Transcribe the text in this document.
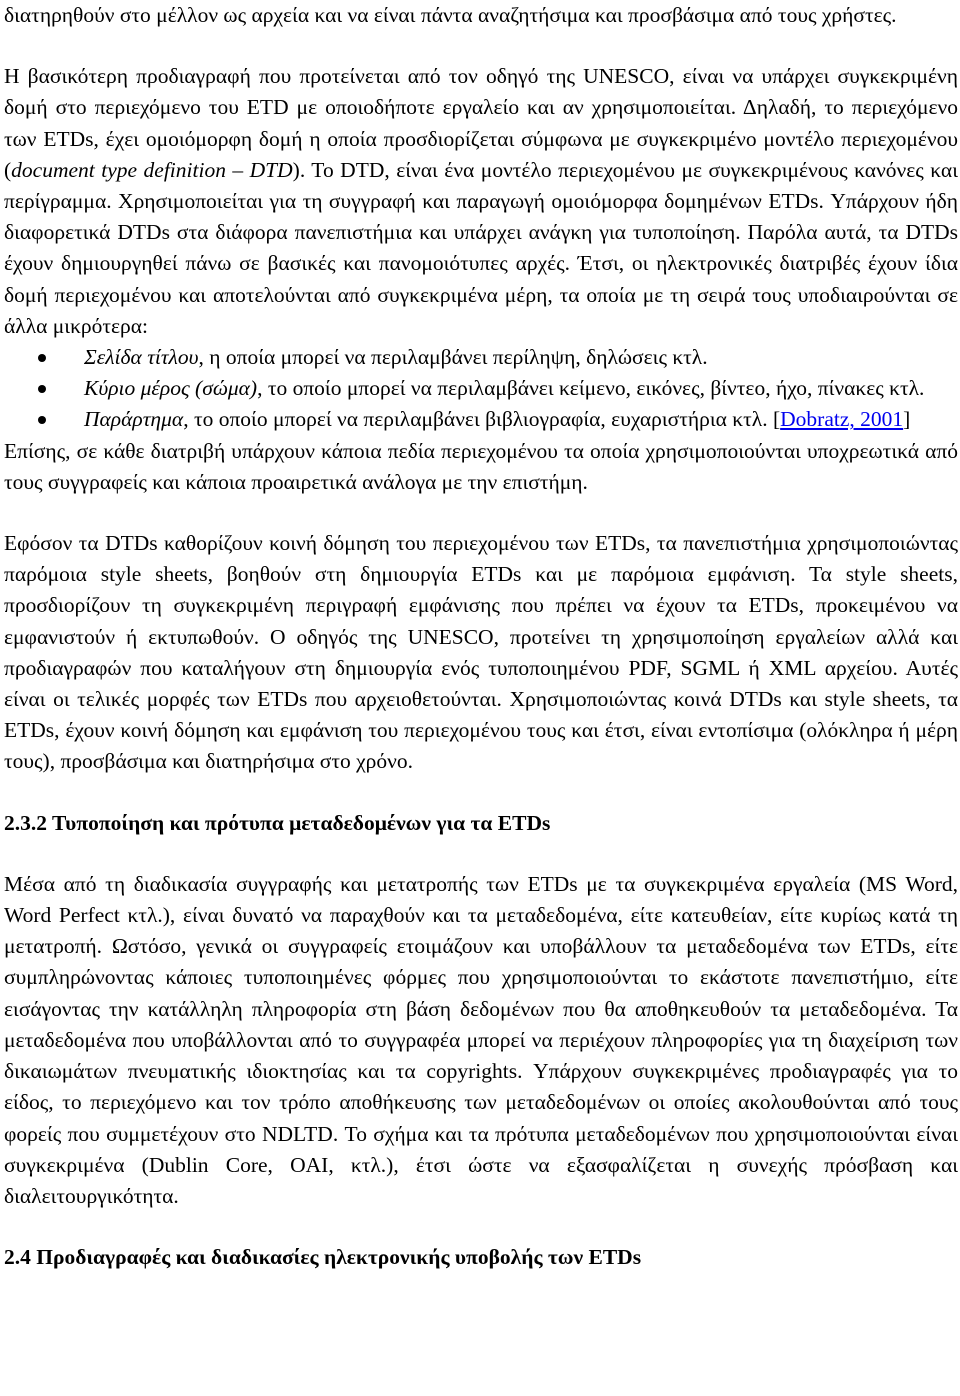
διατηρηθούν στο μέλλον ως αρχεία και να είναι πάντα αναζητήσιμα και προσβάσιμα από τους χρήστες.

Η βασικότερη προδιαγραφή που προτείνεται από τον οδηγό της UNESCO, είναι να υπάρχει συγκεκριμένη δομή στο περιεχόμενο του ETD με οποιοδήποτε εργαλείο και αν χρησιμοποιείται. Δηλαδή, το περιεχόμενο των ETDs, έχει ομοιόμορφη δομή η οποία προσδιορίζεται σύμφωνα με συγκεκριμένο μοντέλο περιεχομένου (document type definition – DTD). Το DTD, είναι ένα μοντέλο περιεχομένου με συγκεκριμένους κανόνες και περίγραμμα. Χρησιμοποιείται για τη συγγραφή και παραγωγή ομοιόμορφα δομημένων ETDs. Υπάρχουν ήδη διαφορετικά DTDs στα διάφορα πανεπιστήμια και υπάρχει ανάγκη για τυποποίηση. Παρόλα αυτά, τα DTDs έχουν δημιουργηθεί πάνω σε βασικές και πανομοιότυπες αρχές. Έτσι, οι ηλεκτρονικές διατριβές έχουν ίδια δομή περιεχομένου και αποτελούνται από συγκεκριμένα μέρη, τα οποία με τη σειρά τους υποδιαιρούνται σε άλλα μικρότερα:

Σελίδα τίτλου, η οποία μπορεί να περιλαμβάνει περίληψη, δηλώσεις κτλ.
Κύριο μέρος (σώμα), το οποίο μπορεί να περιλαμβάνει κείμενο, εικόνες, βίντεο, ήχο, πίνακες κτλ.
Παράρτημα, το οποίο μπορεί να περιλαμβάνει βιβλιογραφία, ευχαριστήρια κτλ. [Dobratz, 2001]

Επίσης, σε κάθε διατριβή υπάρχουν κάποια πεδία περιεχομένου τα οποία χρησιμοποιούνται υποχρεωτικά από τους συγγραφείς και κάποια προαιρετικά ανάλογα με την επιστήμη.

Εφόσον τα DTDs καθορίζουν κοινή δόμηση του περιεχομένου των ETDs, τα πανεπιστήμια χρησιμοποιώντας παρόμοια style sheets, βοηθούν στη δημιουργία ETDs και με παρόμοια εμφάνιση. Τα style sheets, προσδιορίζουν τη συγκεκριμένη περιγραφή εμφάνισης που πρέπει να έχουν τα ETDs, προκειμένου να εμφανιστούν ή εκτυπωθούν. Ο οδηγός της UNESCO, προτείνει τη χρησιμοποίηση εργαλείων αλλά και προδιαγραφών που καταλήγουν στη δημιουργία ενός τυποποιημένου PDF, SGML ή XML αρχείου. Αυτές είναι οι τελικές μορφές των ETDs που αρχειοθετούνται. Χρησιμοποιώντας κοινά DTDs και style sheets, τα ETDs, έχουν κοινή δόμηση και εμφάνιση του περιεχομένου τους και έτσι, είναι εντοπίσιμα (ολόκληρα ή μέρη τους), προσβάσιμα και διατηρήσιμα στο χρόνο.

2.3.2 Τυποποίηση και πρότυπα μεταδεδομένων για τα ETDs

Μέσα από τη διαδικασία συγγραφής και μετατροπής των ETDs με τα συγκεκριμένα εργαλεία (MS Word, Word Perfect κτλ.), είναι δυνατό να παραχθούν και τα μεταδεδομένα, είτε κατευθείαν, είτε κυρίως κατά τη μετατροπή. Ωστόσο, γενικά οι συγγραφείς ετοιμάζουν και υποβάλλουν τα μεταδεδομένα των ETDs, είτε συμπληρώνοντας κάποιες τυποποιημένες φόρμες που χρησιμοποιούνται το εκάστοτε πανεπιστήμιο, είτε εισάγοντας την κατάλληλη πληροφορία στη βάση δεδομένων που θα αποθηκευθούν τα μεταδεδομένα. Τα μεταδεδομένα που υποβάλλονται από το συγγραφέα μπορεί να περιέχουν πληροφορίες για τη διαχείριση των δικαιωμάτων πνευματικής ιδιοκτησίας και τα copyrights. Υπάρχουν συγκεκριμένες προδιαγραφές για το είδος, το περιεχόμενο και τον τρόπο αποθήκευσης των μεταδεδομένων οι οποίες ακολουθούνται από τους φορείς που συμμετέχουν στο NDLTD. Το σχήμα και τα πρότυπα μεταδεδομένων που χρησιμοποιούνται είναι συγκεκριμένα (Dublin Core, OAI, κτλ.), έτσι ώστε να εξασφαλίζεται η συνεχής πρόσβαση και διαλειτουργικότητα.

2.4 Προδιαγραφές και διαδικασίες ηλεκτρονικής υποβολής των ETDs
